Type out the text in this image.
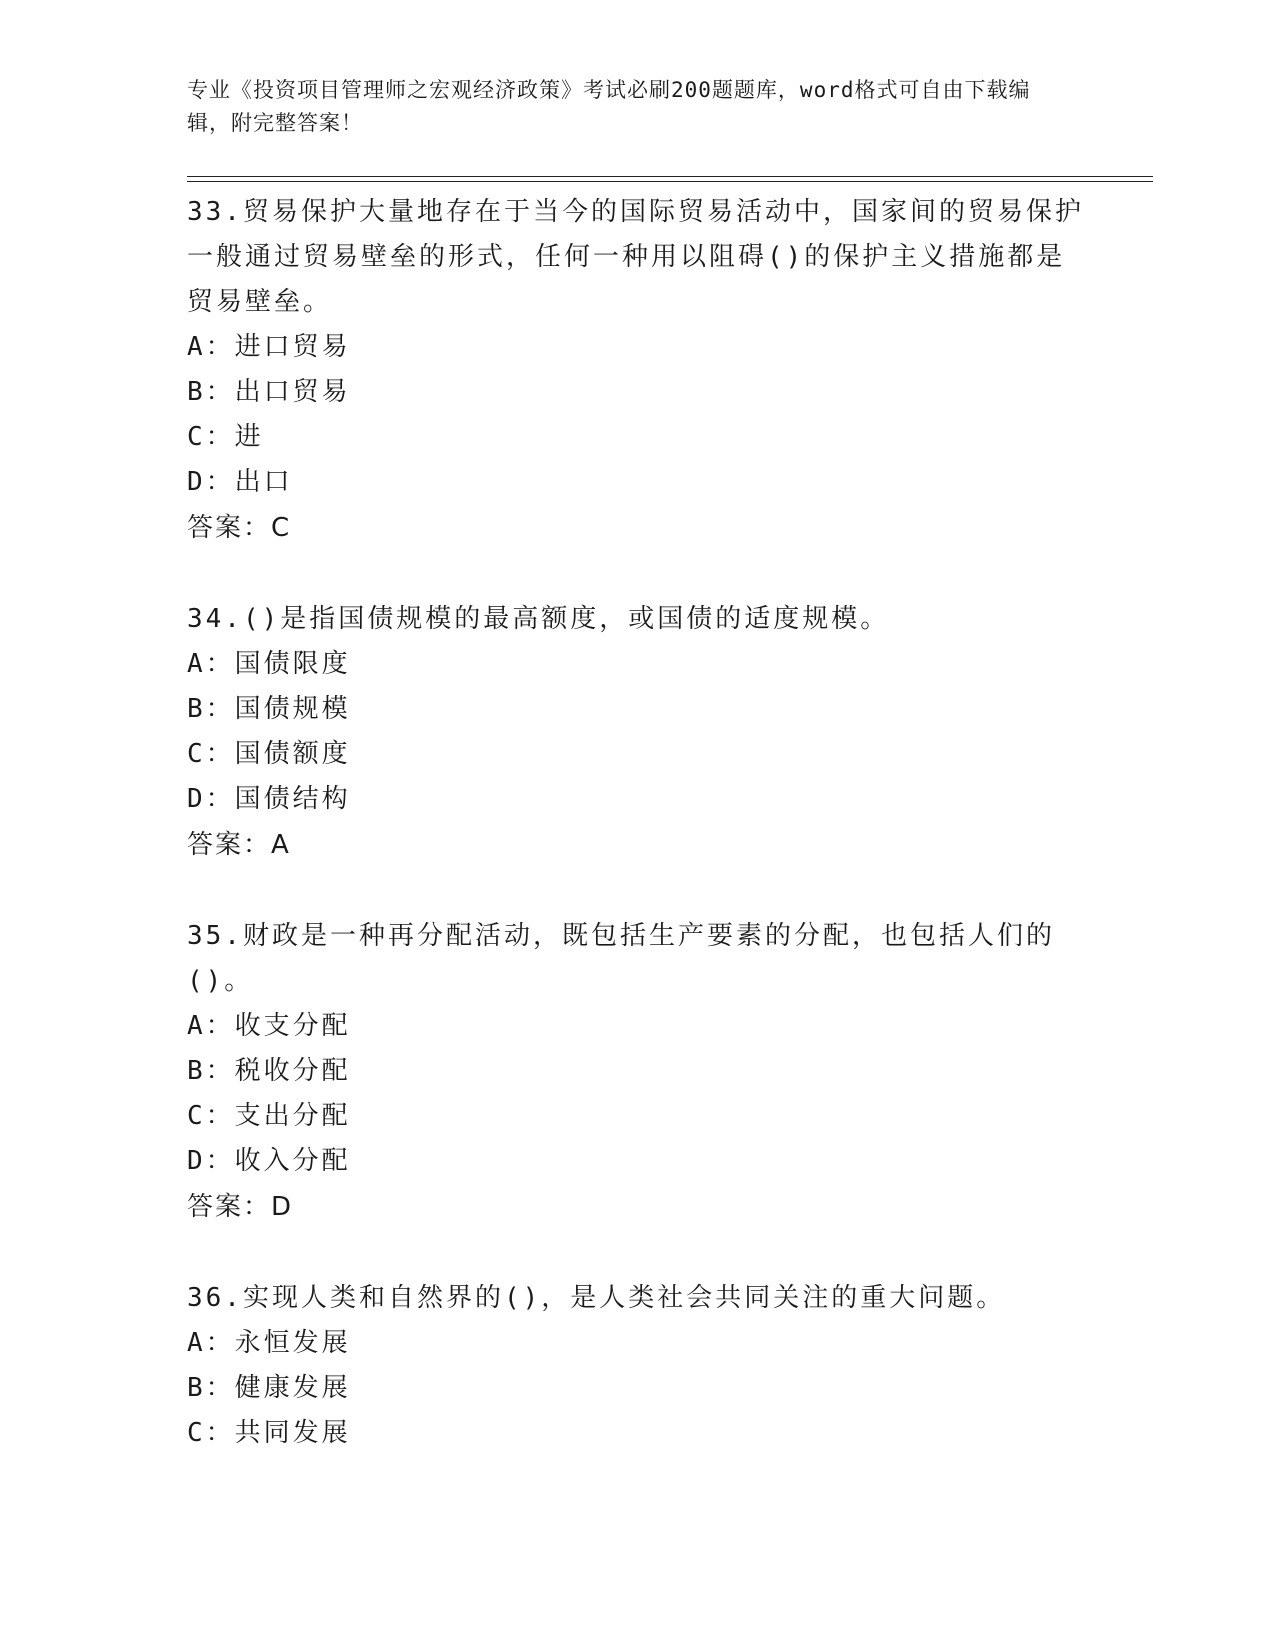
专业《投资项目管理师之宏观经济政策》考试必刷200题题库，word格式可自由下载编辑，附完整答案！

33.贸易保护大量地存在于当今的国际贸易活动中，国家间的贸易保护一般通过贸易壁垒的形式，任何一种用以阻碍()的保护主义措施都是贸易壁垒。

A：进口贸易

B：出口贸易

C：进

D：出口

答案：C

34.()是指国债规模的最高额度，或国债的适度规模。

A：国债限度

B：国债规模

C：国债额度

D：国债结构

答案：A

35.财政是一种再分配活动，既包括生产要素的分配，也包括人们的()。

A：收支分配

B：税收分配

C：支出分配

D：收入分配

答案：D

36.实现人类和自然界的()，是人类社会共同关注的重大问题。

A：永恒发展

B：健康发展

C：共同发展
